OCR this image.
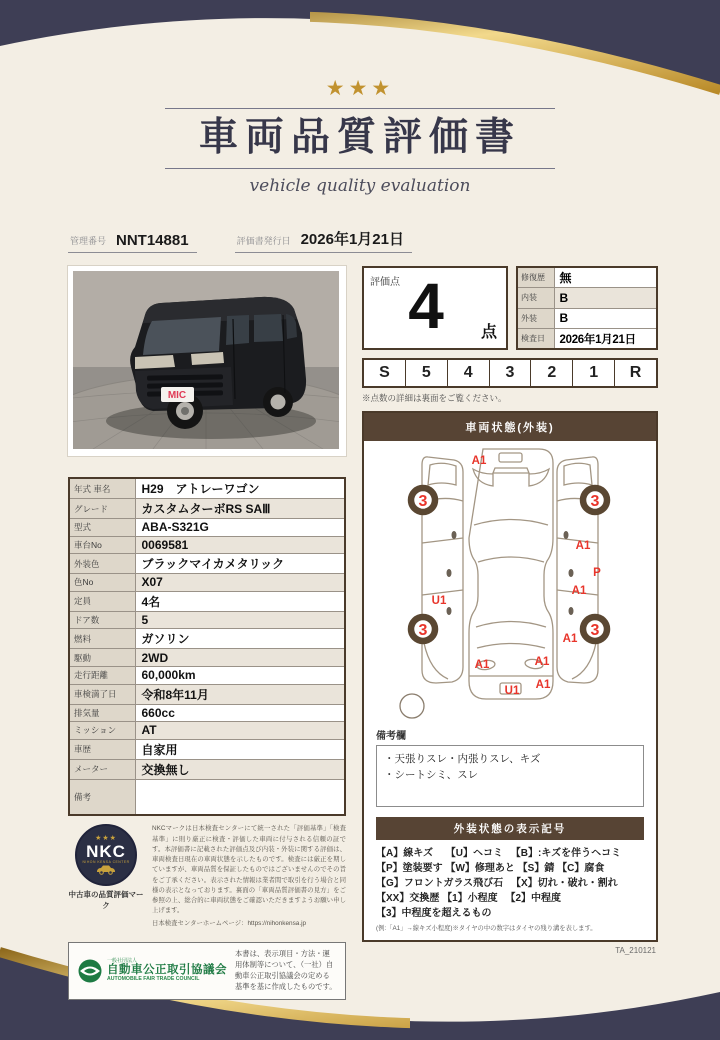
★★★
車両品質評価書
vehicle quality evaluation
管理番号 NNT14881	評価書発行日 2026年1月21日
MIC
年式 車名	H29　アトレーワゴン
グレード	カスタムターボRS SAⅢ
型式	ABA-S321G
車台No	0069581
外装色	ブラックマイカメタリック
色No	X07
定員	4名
ドア数	5
燃料	ガソリン
駆動	2WD
走行距離	60,000km
車検満了日	令和8年11月
排気量	660cc
ミッション	AT
車歴	自家用
メーター	交換無し
備考	
★★★
NKC
NIHON KENSA CENTER
中古車の品質評価マーク
NKCマークは日本検査センターにて統一された「評価基準」「検査基準」に則り厳正に検査・評価した車両に付与される信頼の証です。本評価書に記載された評価点及び内装・外装に関する評価は、車両検査日現在の車両状態を示したものです。検査には厳正を期していますが、車両品質を保証したものではございませんのでその旨をご了承ください。表示された情報は業者間で取引を行う場合と同様の表示となっております。裏面の「車両品質評価書の見方」をご参照の上、総合的に車両状態をご確認いただきますようお願い申し上げます。
日本検査センターホームページ：https://nihonkensa.jp
一般社団法人
自動車公正取引協議会
AUTOMOBILE FAIR TRADE COUNCIL
本書は、表示項目・方法・運用体制等について、（一社）自動車公正取引協議会の定める基準を基に作成したものです。
評価点 4	点
修復歴	無
内装	B
外装	B
検査日	2026年1月21日
S	5	4	3	2	1	R
※点数の詳細は裏面をご覧ください。
車両状態(外装)
3	3
3	3
A1
A1
P
A1
U1
A1
A1	A1
A1
U1
備考欄
・天張りスレ・内張りスレ、キズ
・シートシミ、スレ
外装状態の表示記号
【A】線キズ　 【U】ヘコミ 　【B】:キズを伴うヘコミ
【P】塗装要す 【W】修理あと 【S】錆 【C】腐食
【G】フロントガラス飛び石 　【X】切れ・破れ・割れ
【XX】交換歴 【1】小程度 　【2】中程度
【3】中程度を超えるもの
(例:「A1」→線キズ小程度)※タイヤの中の数字はタイヤの残り溝を表します。
TA_210121
